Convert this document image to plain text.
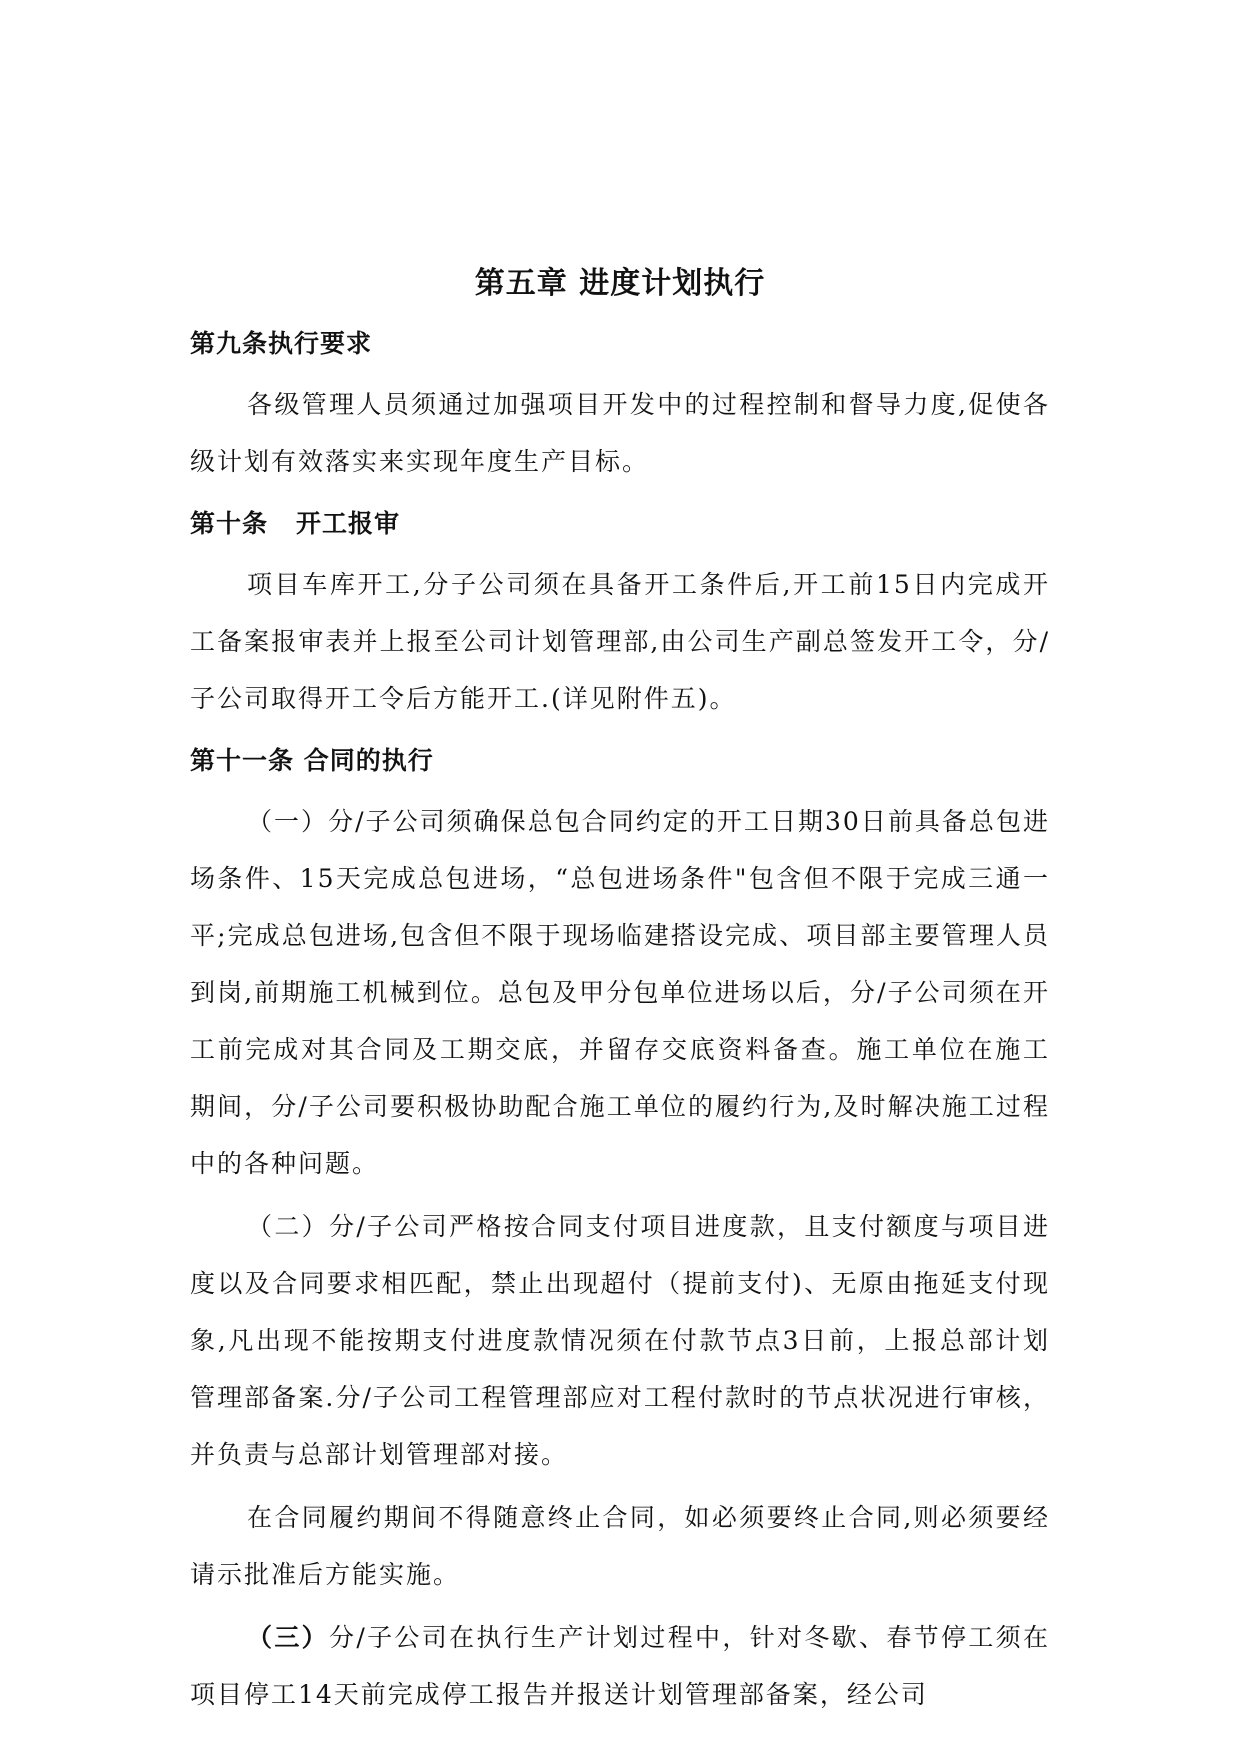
第五章 进度计划执行
第九条执行要求

各级管理人员须通过加强项目开发中的过程控制和督导力度,促使各级计划有效落实来实现年度生产目标。

第十条 开工报审

项目车库开工,分子公司须在具备开工条件后,开工前15日内完成开工备案报审表并上报至公司计划管理部,由公司生产副总签发开工令，分/子公司取得开工令后方能开工.(详见附件五)。

第十一条 合同的执行

（一）分/子公司须确保总包合同约定的开工日期30日前具备总包进场条件、15天完成总包进场，“总包进场条件"包含但不限于完成三通一平;完成总包进场,包含但不限于现场临建搭设完成、项目部主要管理人员到岗,前期施工机械到位。总包及甲分包单位进场以后，分/子公司须在开工前完成对其合同及工期交底，并留存交底资料备查。施工单位在施工期间，分/子公司要积极协助配合施工单位的履约行为,及时解决施工过程中的各种问题。

（二）分/子公司严格按合同支付项目进度款，且支付额度与项目进度以及合同要求相匹配，禁止出现超付（提前支付)、无原由拖延支付现象,凡出现不能按期支付进度款情况须在付款节点3日前，上报总部计划管理部备案.分/子公司工程管理部应对工程付款时的节点状况进行审核，并负责与总部计划管理部对接。

在合同履约期间不得随意终止合同，如必须要终止合同,则必须要经请示批准后方能实施。

（三）分/子公司在执行生产计划过程中，针对冬歇、春节停工须在项目停工14天前完成停工报告并报送计划管理部备案，经公司
